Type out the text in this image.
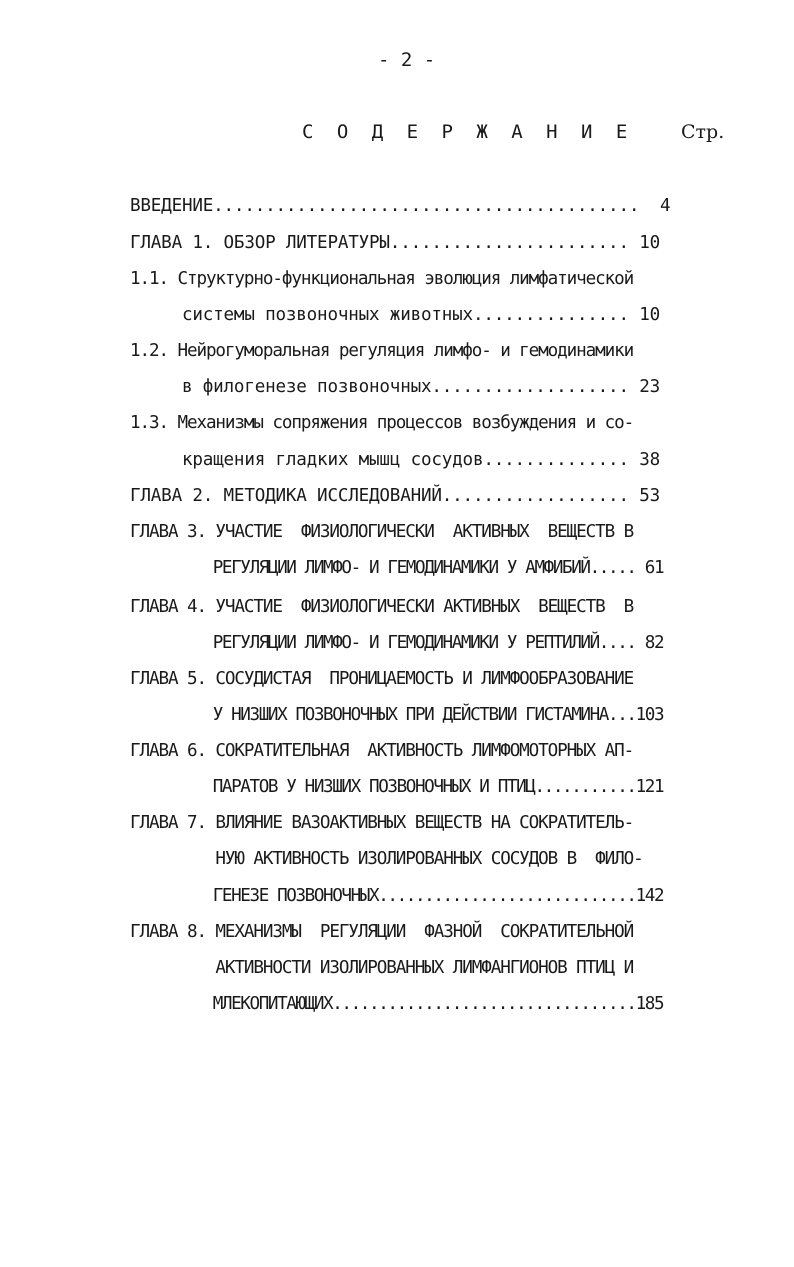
- 2 -
С О Д Е Р Ж А Н И Е	Стр.
ВВЕДЕНИЕ.........................................  4
ГЛАВА 1. ОБЗОР ЛИТЕРАТУРЫ....................... 10
1.1. Структурно-функциональная эволюция лимфатической
системы позвоночных животных............... 10
1.2. Нейрогуморальная регуляция лимфо- и гемодинамики
в филогенезе позвоночных................... 23
1.3. Механизмы сопряжения процессов возбуждения и со-
кращения гладких мышц сосудов.............. 38
ГЛАВА 2. МЕТОДИКА ИССЛЕДОВАНИЙ.................. 53
ГЛАВА 3. УЧАСТИЕ  ФИЗИОЛОГИЧЕСКИ  АКТИВНЫХ  ВЕЩЕСТВ В
РЕГУЛЯЦИИ ЛИМФО- И ГЕМОДИНАМИКИ У АМФИБИЙ..... 61
ГЛАВА 4. УЧАСТИЕ  ФИЗИОЛОГИЧЕСКИ АКТИВНЫХ  ВЕЩЕСТВ  В
РЕГУЛЯЦИИ ЛИМФО- И ГЕМОДИНАМИКИ У РЕПТИЛИЙ.... 82
ГЛАВА 5. СОСУДИСТАЯ  ПРОНИЦАЕМОСТЬ И ЛИМФООБРАЗОВАНИЕ
У НИЗШИХ ПОЗВОНОЧНЫХ ПРИ ДЕЙСТВИИ ГИСТАМИНА...103
ГЛАВА 6. СОКРАТИТЕЛЬНАЯ  АКТИВНОСТЬ ЛИМФОМОТОРНЫХ АП-
ПАРАТОВ У НИЗШИХ ПОЗВОНОЧНЫХ И ПТИЦ...........121
ГЛАВА 7. ВЛИЯНИЕ ВАЗОАКТИВНЫХ ВЕЩЕСТВ НА СОКРАТИТЕЛЬ-
НУЮ АКТИВНОСТЬ ИЗОЛИРОВАННЫХ СОСУДОВ В  ФИЛО-
ГЕНЕЗЕ ПОЗВОНОЧНЫХ............................142
ГЛАВА 8. МЕХАНИЗМЫ  РЕГУЛЯЦИИ  ФАЗНОЙ  СОКРАТИТЕЛЬНОЙ
АКТИВНОСТИ ИЗОЛИРОВАННЫХ ЛИМФАНГИОНОВ ПТИЦ И
МЛЕКОПИТАЮЩИХ.................................185
